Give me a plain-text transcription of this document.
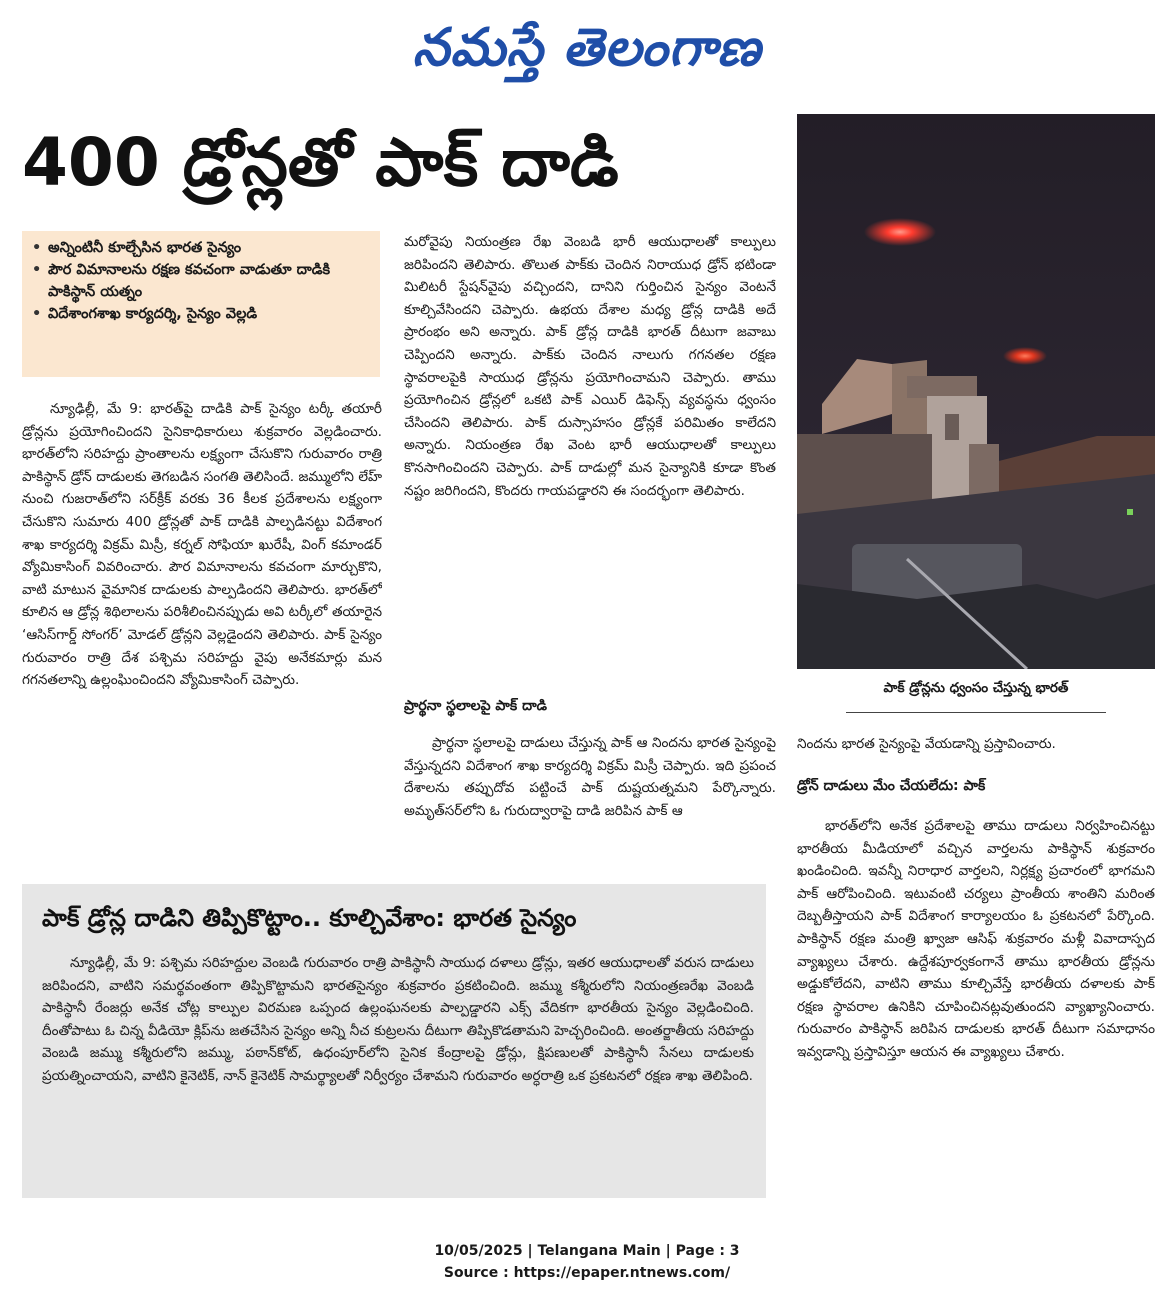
నమస్తే తెలంగాణ
400 డ్రోన్లతో పాక్ దాడి
• అన్నింటినీ కూల్చేసిన భారత సైన్యం
• పౌర విమానాలను రక్షణ కవచంగా వాడుతూ దాడికి పాకిస్థాన్ యత్నం
• విదేశాంగశాఖ కార్యదర్శి, సైన్యం వెల్లడి

న్యూఢిల్లీ, మే 9: భారత్‌పై దాడికి పాక్ సైన్యం టర్కీ తయారీ డ్రోన్లను ప్రయోగించిందని సైనికాధికారులు శుక్రవారం వెల్లడించారు. భారత్‌లోని సరిహద్దు ప్రాంతాలను లక్ష్యంగా చేసుకొని గురువారం రాత్రి పాకిస్థాన్ డ్రోన్ దాడులకు తెగబడిన సంగతి తెలిసిందే. జమ్ములోని లేహ్ నుంచి గుజరాత్‌లోని సర్‌క్రీక్ వరకు 36 కీలక ప్రదేశాలను లక్ష్యంగా చేసుకొని సుమారు 400 డ్రోన్లతో పాక్ దాడికి పాల్పడినట్టు విదేశాంగ శాఖ కార్యదర్శి విక్రమ్ మిస్రీ, కర్నల్ సోఫియా ఖురేషీ, వింగ్ కమాండర్ వ్యోమికాసింగ్ వివరించారు. పౌర విమానాలను కవచంగా మార్చుకొని, వాటి మాటున వైమానిక దాడులకు పాల్పడిందని తెలిపారు. భారత్‌లో కూలిన ఆ డ్రోన్ల శిథిలాలను పరిశీలించినప్పుడు అవి టర్కీలో తయారైన ‘ఆసిస్‌గార్డ్ సోంగర్’ మోడల్ డ్రోన్లని వెల్లడైందని తెలిపారు. పాక్ సైన్యం గురువారం రాత్రి దేశ పశ్చిమ సరిహద్దు వైపు అనేకమార్లు మన గగనతలాన్ని ఉల్లంఘించిందని వ్యోమికాసింగ్ చెప్పారు.

మరోవైపు నియంత్రణ రేఖ వెంబడి భారీ ఆయుధాలతో కాల్పులు జరిపిందని తెలిపారు. తొలుత పాక్‌కు చెందిన నిరాయుధ డ్రోన్ భటిండా మిలిటరీ స్టేషన్‌వైపు వచ్చిందని, దానిని గుర్తించిన సైన్యం వెంటనే కూల్చివేసిందని చెప్పారు. ఉభయ దేశాల మధ్య డ్రోన్ల దాడికి అదే ప్రారంభం అని అన్నారు. పాక్ డ్రోన్ల దాడికి భారత్ దీటుగా జవాబు చెప్పిందని అన్నారు. పాక్‌కు చెందిన నాలుగు గగనతల రక్షణ స్థావరాలపైకి సాయుధ డ్రోన్లను ప్రయోగించామని చెప్పారు. తాము ప్రయోగించిన డ్రోన్లలో ఒకటి పాక్ ఎయిర్ డిఫెన్స్ వ్యవస్థను ధ్వంసం చేసిందని తెలిపారు. పాక్ దుస్సాహసం డ్రోన్లకే పరిమితం కాలేదని అన్నారు. నియంత్రణ రేఖ వెంట భారీ ఆయుధాలతో కాల్పులు కొనసాగించిందని చెప్పారు. పాక్ దాడుల్లో మన సైన్యానికి కూడా కొంత నష్టం జరిగిందని, కొందరు గాయపడ్డారని ఈ సందర్భంగా తెలిపారు.

ప్రార్థనా స్థలాలపై పాక్ దాడి

ప్రార్థనా స్థలాలపై దాడులు చేస్తున్న పాక్ ఆ నిందను భారత సైన్యంపై వేస్తున్నదని విదేశాంగ శాఖ కార్యదర్శి విక్రమ్ మిస్రీ చెప్పారు. ఇది ప్రపంచ దేశాలను తప్పుదోవ పట్టించే పాక్ దుష్టయత్నమని పేర్కొన్నారు. అమృత్‌సర్‌లోని ఓ గురుద్వారాపై దాడి జరిపిన పాక్ ఆ

పాక్ డ్రోన్లను ధ్వంసం చేస్తున్న భారత్

నిందను భారత సైన్యంపై వేయడాన్ని ప్రస్తావించారు.

డ్రోన్ దాడులు మేం చేయలేదు: పాక్

భారత్‌లోని అనేక ప్రదేశాలపై తాము దాడులు నిర్వహించినట్టు భారతీయ మీడియాలో వచ్చిన వార్తలను పాకిస్థాన్ శుక్రవారం ఖండించింది. ఇవన్నీ నిరాధార వార్తలని, నిర్లక్ష్య ప్రచారంలో భాగమని పాక్ ఆరోపించింది. ఇటువంటి చర్యలు ప్రాంతీయ శాంతిని మరింత దెబ్బతీస్తాయని పాక్ విదేశాంగ కార్యాలయం ఓ ప్రకటనలో పేర్కొంది. పాకిస్థాన్ రక్షణ మంత్రి ఖ్వాజా ఆసిఫ్ శుక్రవారం మళ్లీ వివాదాస్పద వ్యాఖ్యలు చేశారు. ఉద్దేశపూర్వకంగానే తాము భారతీయ డ్రోన్లను అడ్డుకోలేదని, వాటిని తాము కూల్చివేస్తే భారతీయ దళాలకు పాక్ రక్షణ స్థావరాల ఉనికిని చూపించినట్లవుతుందని వ్యాఖ్యానించారు. గురువారం పాకిస్థాన్ జరిపిన దాడులకు భారత్ దీటుగా సమాధానం ఇవ్వడాన్ని ప్రస్తావిస్తూ ఆయన ఈ వ్యాఖ్యలు చేశారు.

పాక్ డ్రోన్ల దాడిని తిప్పికొట్టాం.. కూల్చివేశాం: భారత సైన్యం

న్యూఢిల్లీ, మే 9: పశ్చిమ సరిహద్దుల వెంబడి గురువారం రాత్రి పాకిస్థానీ సాయుధ దళాలు డ్రోన్లు, ఇతర ఆయుధాలతో వరుస దాడులు జరిపిందని, వాటిని సమర్థవంతంగా తిప్పికొట్టామని భారతసైన్యం శుక్రవారం ప్రకటించింది. జమ్ము కశ్మీరులోని నియంత్రణరేఖ వెంబడి పాకిస్థానీ రేంజర్లు అనేక చోట్ల కాల్పుల విరమణ ఒప్పంద ఉల్లంఘనలకు పాల్పడ్డారని ఎక్స్ వేదికగా భారతీయ సైన్యం వెల్లడించింది. దీంతోపాటు ఓ చిన్న వీడియో క్లిప్‌ను జతచేసిన సైన్యం అన్ని నీచ కుట్రలను దీటుగా తిప్పికొడతామని హెచ్చరించింది. అంతర్జాతీయ సరిహద్దు వెంబడి జమ్ము కశ్మీరులోని జమ్ము, పఠాన్‌కోట్, ఉధంపూర్‌లోని సైనిక కేంద్రాలపై డ్రోన్లు, క్షిపణులతో పాకిస్థానీ సేనలు దాడులకు ప్రయత్నించాయని, వాటిని కైనెటిక్, నాన్ కైనెటిక్ సామర్థ్యాలతో నిర్వీర్యం చేశామని గురువారం అర్ధరాత్రి ఒక ప్రకటనలో రక్షణ శాఖ తెలిపింది.

10/05/2025 | Telangana Main | Page : 3
Source : https://epaper.ntnews.com/
